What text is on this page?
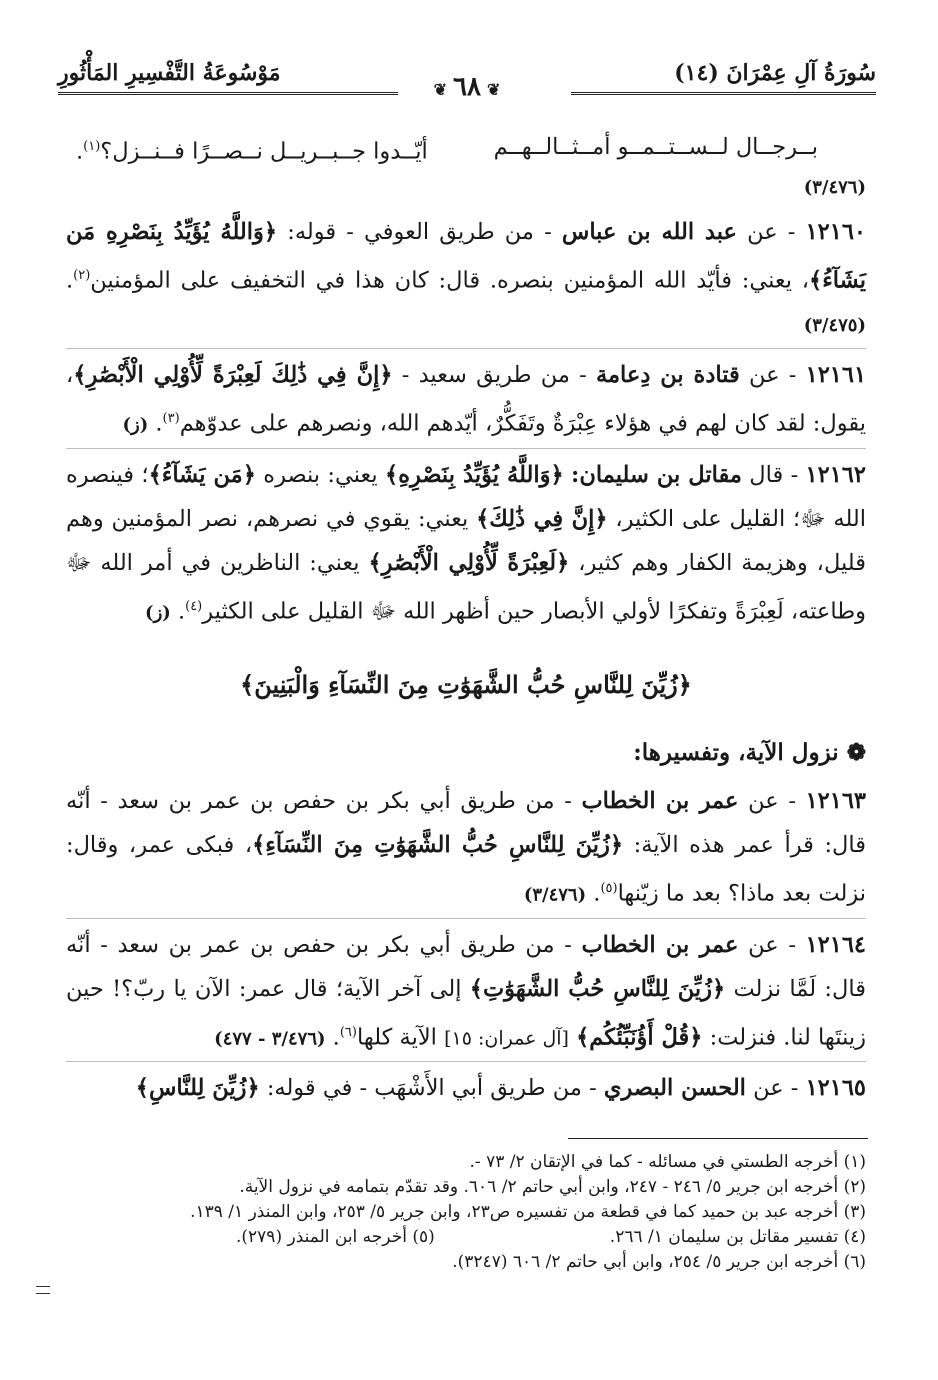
سُورَةُ آلِ عِمْرَانَ (١٤)
مَوْسُوعَةُ التَّفْسِيرِ المَأْثُورِ
❦٦٨❦
بــرجــال لــســتــمــو أمــثــالــهــم
أيّــدوا جــبــريــل نــصــرًا فــنــزل؟$^{(١)}$.
(٣/٤٧٦)

١٢١٦٠ - عن عبد الله بن عباس - من طريق العوفي - قوله: ﴿وَاللَّهُ يُؤَيِّدُ بِنَصْرِهِ مَن يَشَآءُ﴾، يعني: فأيّد الله المؤمنين بنصره. قال: كان هذا في التخفيف على المؤمنين$^{(٢)}$. (٣/٤٧٥)

١٢١٦١ - عن قتادة بن دِعامة - من طريق سعيد - ﴿إِنَّ فِي ذَٰلِكَ لَعِبْرَةً لِّأُوْلِي الْأَبْصَٰرِ﴾، يقول: لقد كان لهم في هؤلاء عِبْرَةٌ وتَفَكُّرٌ، أيّدهم الله، ونصرهم على عدوّهم$^{(٣)}$. (ز)

١٢١٦٢ - قال مقاتل بن سليمان: ﴿وَاللَّهُ يُؤَيِّدُ بِنَصْرِهِ﴾ يعني: بنصره ﴿مَن يَشَآءُ﴾؛ فينصره الله ﷻ؛ القليل على الكثير، ﴿إِنَّ فِي ذَٰلِكَ﴾ يعني: يقوي في نصرهم، نصر المؤمنين وهم قليل، وهزيمة الكفار وهم كثير، ﴿لَعِبْرَةً لِّأُوْلِي الْأَبْصَٰرِ﴾ يعني: الناظرين في أمر الله ﷻ وطاعته، لَعِبْرَةً وتفكرًا لأولي الأبصار حين أظهر الله ﷻ القليل على الكثير$^{(٤)}$. (ز)

﴿زُيِّنَ لِلنَّاسِ حُبُّ الشَّهَوَٰتِ مِنَ النِّسَآءِ وَالْبَنِينَ﴾
❁ نزول الآية، وتفسيرها:

١٢١٦٣ - عن عمر بن الخطاب - من طريق أبي بكر بن حفص بن عمر بن سعد - أنّه قال: قرأ عمر هذه الآية: ﴿زُيِّنَ لِلنَّاسِ حُبُّ الشَّهَوَٰتِ مِنَ النِّسَآءِ﴾، فبكى عمر، وقال: نزلت بعد ماذا؟ بعد ما زيّنها$^{(٥)}$. (٣/٤٧٦)

١٢١٦٤ - عن عمر بن الخطاب - من طريق أبي بكر بن حفص بن عمر بن سعد - أنّه قال: لَمَّا نزلت ﴿زُيِّنَ لِلنَّاسِ حُبُّ الشَّهَوَٰتِ﴾ إلى آخر الآية؛ قال عمر: الآن يا ربّ؟! حين زينتَها لنا. فنزلت: ﴿قُلْ أَؤُنَبِّئُكُم﴾ [آل عمران: ١٥] الآية كلها$^{(٦)}$. (٣/٤٧٦ - ٤٧٧)

١٢١٦٥ - عن الحسن البصري - من طريق أبي الأَشْهَب - في قوله: ﴿زُيِّنَ لِلنَّاسِ﴾

(١) أخرجه الطستي في مسائله - كما في الإتقان ٢/ ٧٣ -.
(٢) أخرجه ابن جرير ٥/ ٢٤٦ - ٢٤٧، وابن أبي حاتم ٢/ ٦٠٦. وقد تقدّم بتمامه في نزول الآية.
(٣) أخرجه عبد بن حميد كما في قطعة من تفسيره ص٢٣، وابن جرير ٥/ ٢٥٣، وابن المنذر ١/ ١٣٩.
(٤) تفسير مقاتل بن سليمان ١/ ٢٦٦.
(٥) أخرجه ابن المنذر (٢٧٩).
(٦) أخرجه ابن جرير ٥/ ٢٥٤، وابن أبي حاتم ٢/ ٦٠٦ (٣٢٤٧).
